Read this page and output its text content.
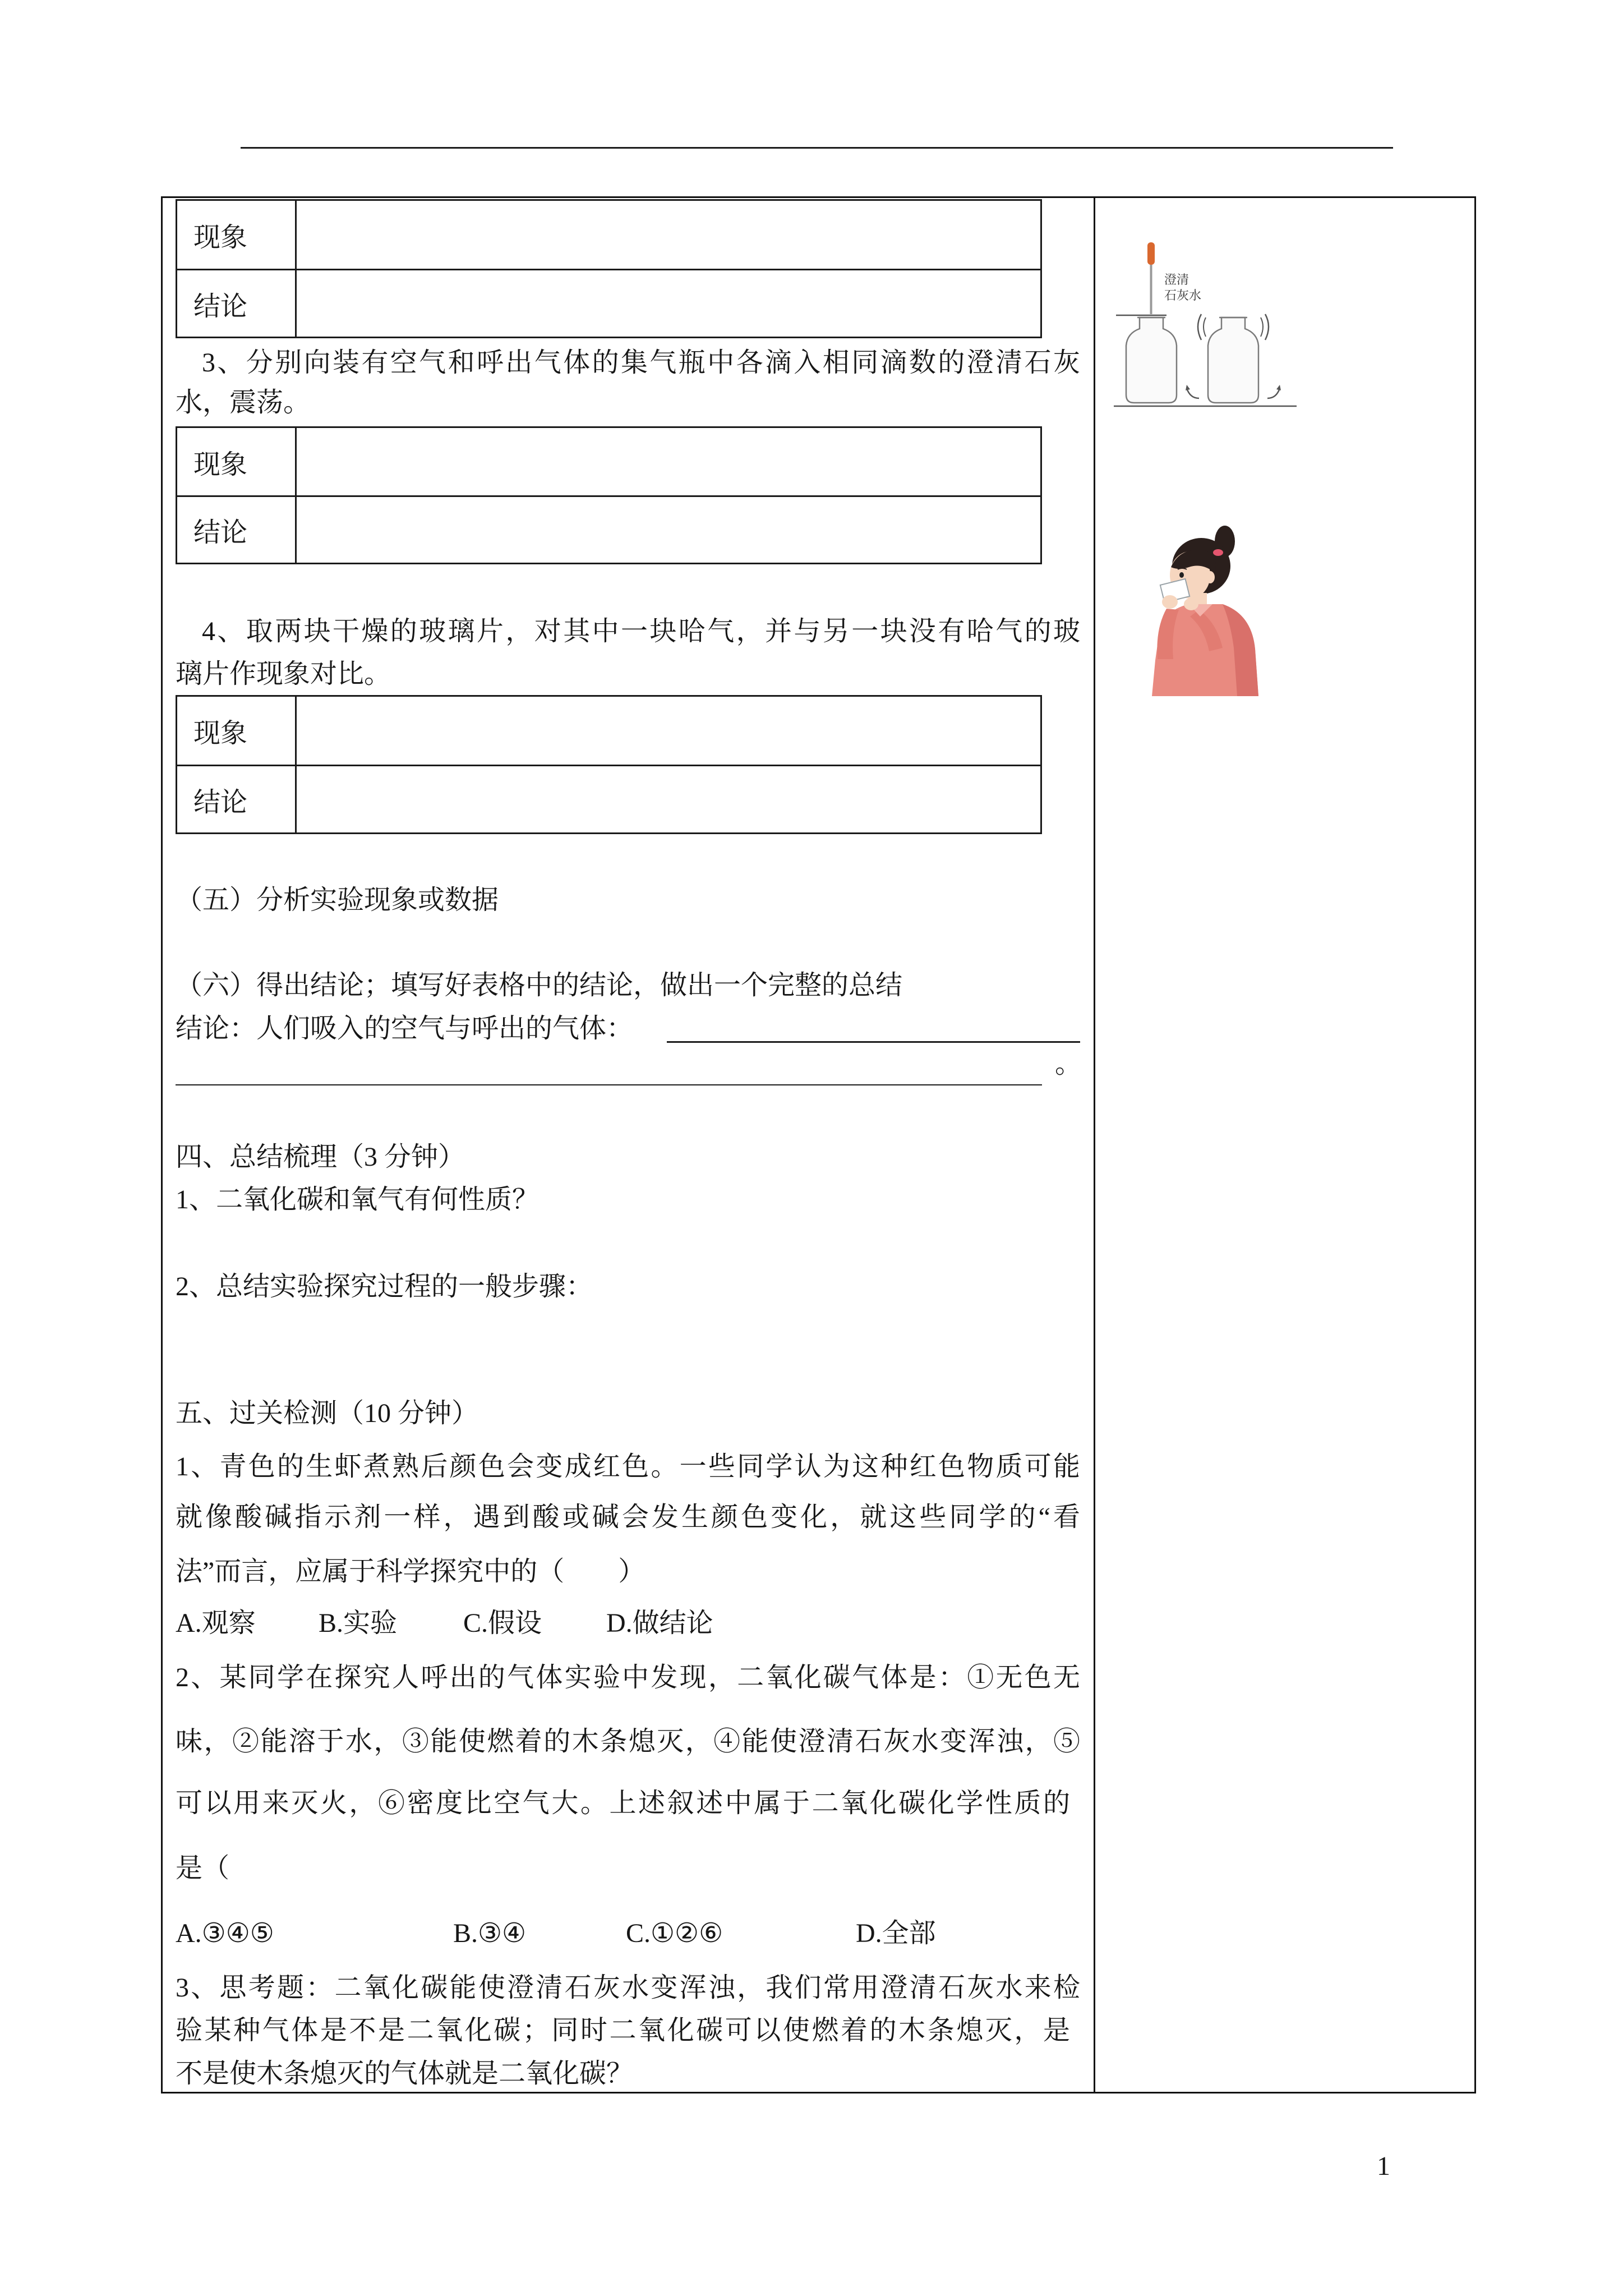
现象
结论
3、分别向装有空气和呼出气体的集气瓶中各滴入相同滴数的澄清石灰
水，震荡。
现象
结论
4、取两块干燥的玻璃片，对其中一块哈气，并与另一块没有哈气的玻
璃片作现象对比。
现象
结论
（五）分析实验现象或数据
（六）得出结论；填写好表格中的结论，做出一个完整的总结
结论：人们吸入的空气与呼出的气体：
。
四、总结梳理（3 分钟）
1、二氧化碳和氧气有何性质？
2、总结实验探究过程的一般步骤：
五、过关检测（10 分钟）
1、青色的生虾煮熟后颜色会变成红色。一些同学认为这种红色物质可能
就像酸碱指示剂一样，遇到酸或碱会发生颜色变化，就这些同学的“看
法”而言，应属于科学探究中的（　　）
A.观察 B.实验 C.假设 D.做结论
2、某同学在探究人呼出的气体实验中发现，二氧化碳气体是：①无色无
味，②能溶于水，③能使燃着的木条熄灭，④能使澄清石灰水变浑浊，⑤
可以用来灭火，⑥密度比空气大。上述叙述中属于二氧化碳化学性质的
是（
A.③④⑤	B.③④	C.①②⑥	D.全部
3、思考题：二氧化碳能使澄清石灰水变浑浊，我们常用澄清石灰水来检
验某种气体是不是二氧化碳；同时二氧化碳可以使燃着的木条熄灭，是
不是使木条熄灭的气体就是二氧化碳？
澄清
石灰水
1
